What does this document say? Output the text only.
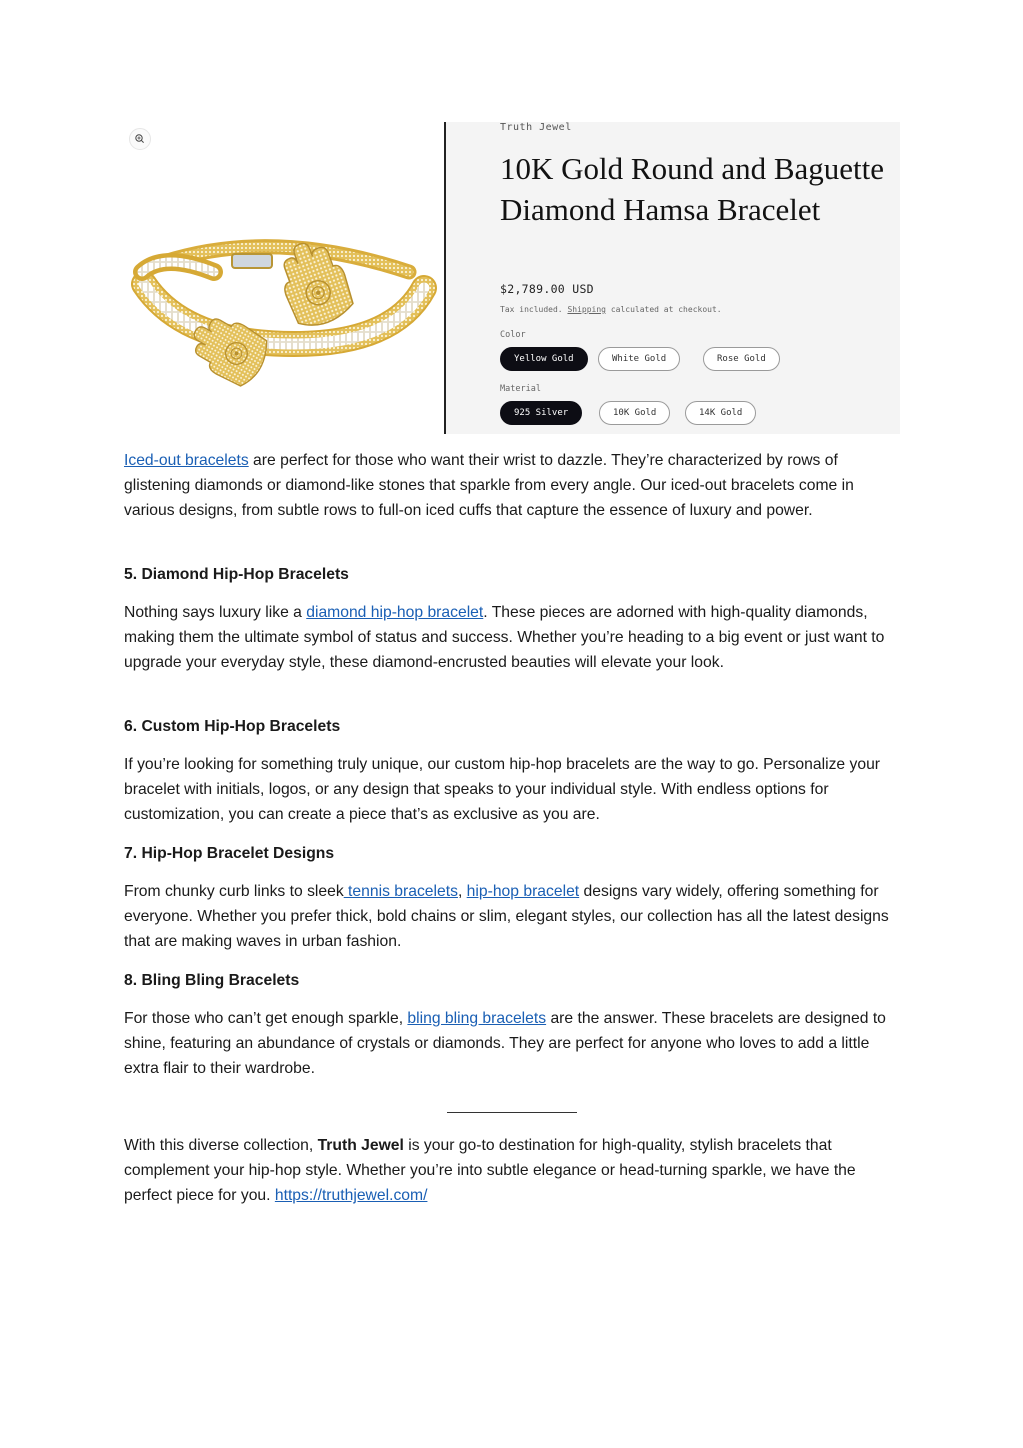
Truth Jewel
10K Gold Round and Baguette Diamond Hamsa Bracelet
$2,789.00 USD
Tax included. Shipping calculated at checkout.
Color
Yellow Gold	White Gold	Rose Gold
Material
925 Silver	10K Gold	14K Gold

Iced-out bracelets are perfect for those who want their wrist to dazzle. They’re characterized by rows of glistening diamonds or diamond-like stones that sparkle from every angle. Our iced-out bracelets come in various designs, from subtle rows to full-on iced cuffs that capture the essence of luxury and power.

5. Diamond Hip-Hop Bracelets

Nothing says luxury like a diamond hip-hop bracelet. These pieces are adorned with high-quality diamonds, making them the ultimate symbol of status and success. Whether you’re heading to a big event or just want to upgrade your everyday style, these diamond-encrusted beauties will elevate your look.

6. Custom Hip-Hop Bracelets

If you’re looking for something truly unique, our custom hip-hop bracelets are the way to go. Personalize your bracelet with initials, logos, or any design that speaks to your individual style. With endless options for customization, you can create a piece that’s as exclusive as you are.

7. Hip-Hop Bracelet Designs

From chunky curb links to sleek tennis bracelets, hip-hop bracelet designs vary widely, offering something for everyone. Whether you prefer thick, bold chains or slim, elegant styles, our collection has all the latest designs that are making waves in urban fashion.

8. Bling Bling Bracelets

For those who can’t get enough sparkle, bling bling bracelets are the answer. These bracelets are designed to shine, featuring an abundance of crystals or diamonds. They are perfect for anyone who loves to add a little extra flair to their wardrobe.

With this diverse collection, Truth Jewel is your go-to destination for high-quality, stylish bracelets that complement your hip-hop style. Whether you’re into subtle elegance or head-turning sparkle, we have the perfect piece for you. https://truthjewel.com/
